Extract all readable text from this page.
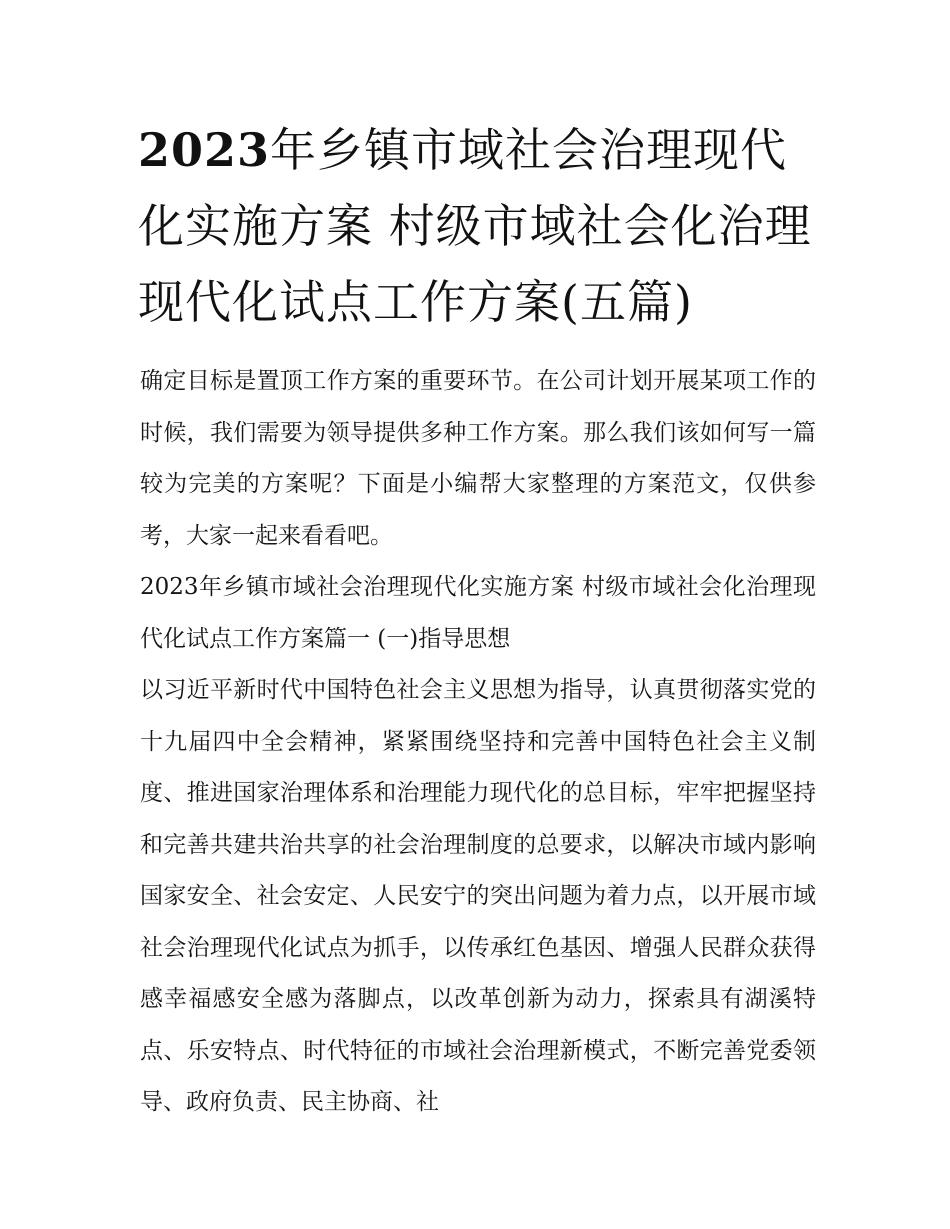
2023年乡镇市域社会治理现代化实施方案 村级市域社会化治理现代化试点工作方案(五篇)

确定目标是置顶工作方案的重要环节。在公司计划开展某项工作的时候，我们需要为领导提供多种工作方案。那么我们该如何写一篇较为完美的方案呢？下面是小编帮大家整理的方案范文，仅供参考，大家一起来看看吧。

2023年乡镇市域社会治理现代化实施方案 村级市域社会化治理现代化试点工作方案篇一 (一)指导思想

以习近平新时代中国特色社会主义思想为指导，认真贯彻落实党的十九届四中全会精神，紧紧围绕坚持和完善中国特色社会主义制度、推进国家治理体系和治理能力现代化的总目标，牢牢把握坚持和完善共建共治共享的社会治理制度的总要求，以解决市域内影响国家安全、社会安定、人民安宁的突出问题为着力点，以开展市域社会治理现代化试点为抓手，以传承红色基因、增强人民群众获得感幸福感安全感为落脚点，以改革创新为动力，探索具有湖溪特点、乐安特点、时代特征的市域社会治理新模式，不断完善党委领导、政府负责、民主协商、社
